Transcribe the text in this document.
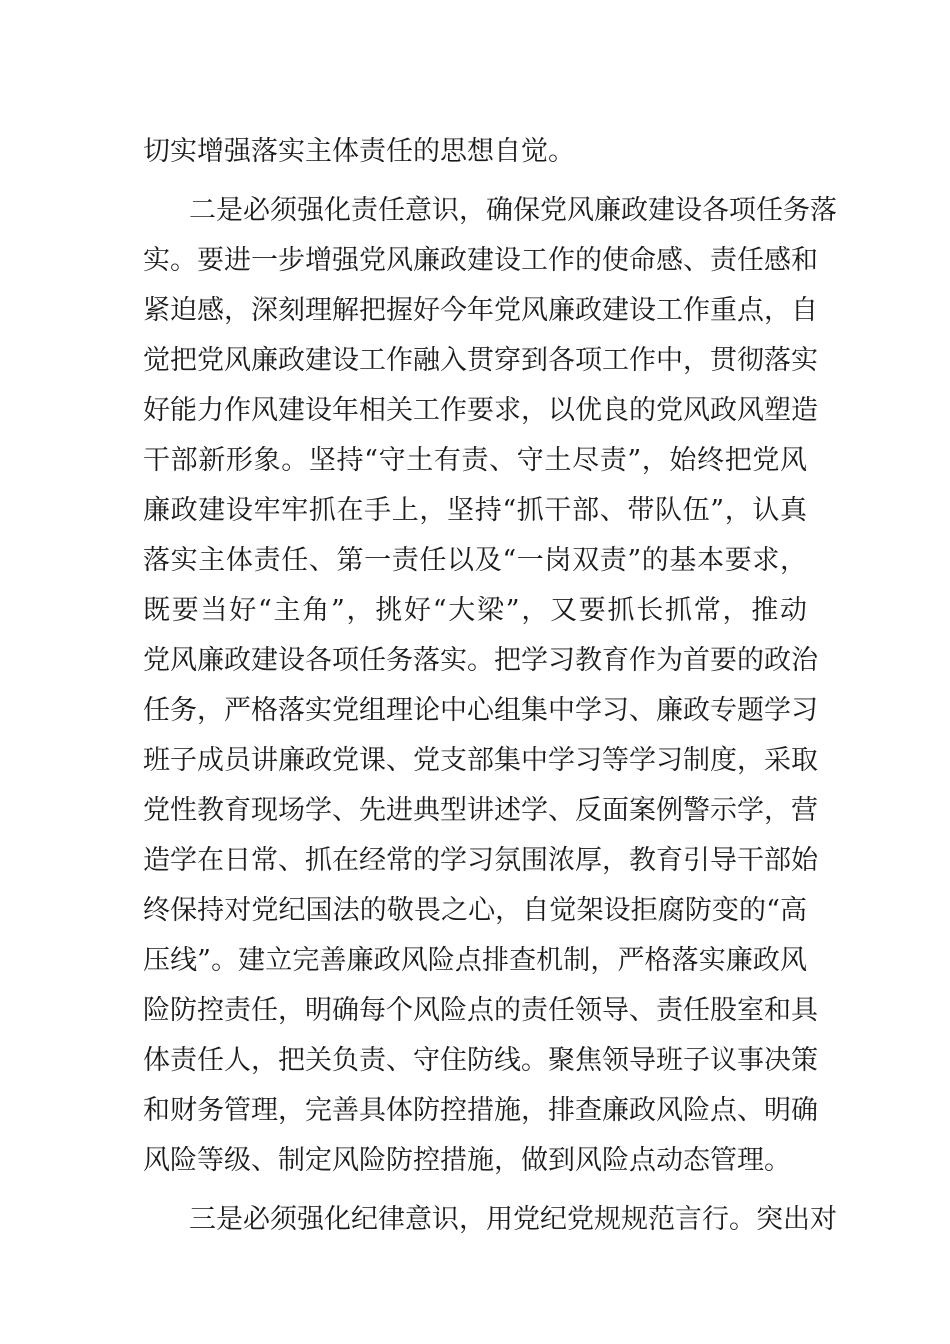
切实增强落实主体责任的思想自觉。
二是必须强化责任意识，确保党风廉政建设各项任务落
实。要进一步增强党风廉政建设工作的使命感、责任感和
紧迫感，深刻理解把握好今年党风廉政建设工作重点，自
觉把党风廉政建设工作融入贯穿到各项工作中，贯彻落实
好能力作风建设年相关工作要求，以优良的党风政风塑造
干部新形象。坚持“守土有责、守土尽责”，始终把党风
廉政建设牢牢抓在手上，坚持“抓干部、带队伍”，认真
落实主体责任、第一责任以及“一岗双责”的基本要求，
既要当好“主角”，挑好“大梁”，又要抓长抓常，推动
党风廉政建设各项任务落实。把学习教育作为首要的政治
任务，严格落实党组理论中心组集中学习、廉政专题学习
班子成员讲廉政党课、党支部集中学习等学习制度，采取
党性教育现场学、先进典型讲述学、反面案例警示学，营
造学在日常、抓在经常的学习氛围浓厚，教育引导干部始
终保持对党纪国法的敬畏之心，自觉架设拒腐防变的“高
压线”。建立完善廉政风险点排查机制，严格落实廉政风
险防控责任，明确每个风险点的责任领导、责任股室和具
体责任人，把关负责、守住防线。聚焦领导班子议事决策
和财务管理，完善具体防控措施，排查廉政风险点、明确
风险等级、制定风险防控措施，做到风险点动态管理。
三是必须强化纪律意识，用党纪党规规范言行。突出对
